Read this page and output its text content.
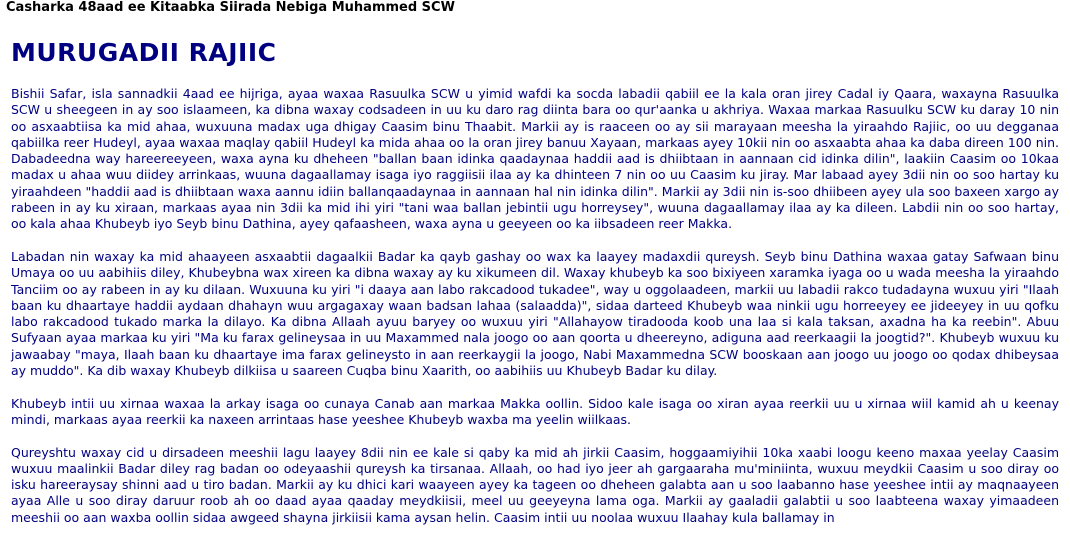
Casharka 48aad ee Kitaabka Siirada Nebiga Muhammed SCW
MURUGADII RAJIIC

Bishii Safar, isla sannadkii 4aad ee hijriga, ayaa waxaa Rasuulka SCW u yimid wafdi ka socda labadii qabiil ee la kala oran jirey Cadal iy Qaara, waxayna Rasuulka SCW u sheegeen in ay soo islaameen, ka dibna waxay codsadeen in uu ku daro rag diinta bara oo qur'aanka u akhriya. Waxaa markaa Rasuulku SCW ku daray 10 nin oo asxaabtiisa ka mid ahaa, wuxuuna madax uga dhigay Caasim binu Thaabit. Markii ay is raaceen oo ay sii marayaan meesha la yiraahdo Rajiic, oo uu degganaa qabiilka reer Hudeyl, ayaa waxaa maqlay qabiil Hudeyl ka mida ahaa oo la oran jirey banuu Xayaan, markaas ayey 10kii nin oo asxaabta ahaa ka daba direen 100 nin. Dabadeedna way hareereeyeen, waxa ayna ku dheheen "ballan baan idinka qaadaynaa haddii aad is dhiibtaan in aannaan cid idinka dilin", laakiin Caasim oo 10kaa madax u ahaa wuu diidey arrinkaas, wuuna dagaallamay isaga iyo raggiisii ilaa ay ka dhinteen 7 nin oo uu Caasim ku jiray. Mar labaad ayey 3dii nin oo soo hartay ku yiraahdeen "haddii aad is dhiibtaan waxa aannu idiin ballanqaadaynaa in aannaan hal nin idinka dilin". Markii ay 3dii nin is-soo dhiibeen ayey ula soo baxeen xargo ay rabeen in ay ku xiraan, markaas ayaa nin 3dii ka mid ihi yiri "tani waa ballan jebintii ugu horreysey", wuuna dagaallamay ilaa ay ka dileen. Labdii nin oo soo hartay, oo kala ahaa Khubeyb iyo Seyb binu Dathina, ayey qafaasheen, waxa ayna u geeyeen oo ka iibsadeen reer Makka.

Labadan nin waxay ka mid ahaayeen asxaabtii dagaalkii Badar ka qayb gashay oo wax ka laayey madaxdii qureysh. Seyb binu Dathina waxaa gatay Safwaan binu Umaya oo uu aabihiis diley, Khubeybna wax xireen ka dibna waxay ay ku xikumeen dil. Waxay khubeyb ka soo bixiyeen xaramka iyaga oo u wada meesha la yiraahdo Tanciim oo ay rabeen in ay ku dilaan. Wuxuuna ku yiri "i daaya aan labo rakcadood tukadee", way u oggolaadeen, markii uu labadii rakco tudadayna wuxuu yiri "Ilaah baan ku dhaartaye haddii aydaan dhahayn wuu argagaxay waan badsan lahaa (salaadda)", sidaa darteed Khubeyb waa ninkii ugu horreeyey ee jideeyey in uu qofku labo rakcadood tukado marka la dilayo. Ka dibna Allaah ayuu baryey oo wuxuu yiri "Allahayow tiradooda koob una laa si kala taksan, axadna ha ka reebin". Abuu Sufyaan ayaa markaa ku yiri "Ma ku farax gelineysaa in uu Maxammed nala joogo oo aan qoorta u dheereyno, adiguna aad reerkaagii la joogtid?". Khubeyb wuxuu ku jawaabay "maya, Ilaah baan ku dhaartaye ima farax gelineysto in aan reerkaygii la joogo, Nabi Maxammedna SCW booskaan aan joogo uu joogo oo qodax dhibeysaa ay muddo". Ka dib waxay Khubeyb dilkiisa u saareen Cuqba binu Xaarith, oo aabihiis uu Khubeyb Badar ku dilay.

Khubeyb intii uu xirnaa waxaa la arkay isaga oo cunaya Canab aan markaa Makka oollin. Sidoo kale isaga oo xiran ayaa reerkii uu u xirnaa wiil kamid ah u keenay mindi, markaas ayaa reerkii ka naxeen arrintaas hase yeeshee Khubeyb waxba ma yeelin wiilkaas.

Qureyshtu waxay cid u dirsadeen meeshii lagu laayey 8dii nin ee kale si qaby ka mid ah jirkii Caasim, hoggaamiyihii 10ka xaabi loogu keeno maxaa yeelay Caasim wuxuu maalinkii Badar diley rag badan oo odeyaashii qureysh ka tirsanaa. Allaah, oo had iyo jeer ah gargaaraha mu'miniinta, wuxuu meydkii Caasim u soo diray oo isku hareeraysay shinni aad u tiro badan. Markii ay ku dhici kari waayeen ayey ka tageen oo dheheen galabta aan u soo laabanno hase yeeshee intii ay maqnaayeen ayaa Alle u soo diray daruur roob ah oo daad ayaa qaaday meydkiisii, meel uu geeyeyna lama oga. Markii ay gaaladii galabtii u soo laabteena waxay yimaadeen meeshii oo aan waxba oollin sidaa awgeed shayna jirkiisii kama aysan helin. Caasim intii uu noolaa wuxuu Ilaahay kula ballamay in
